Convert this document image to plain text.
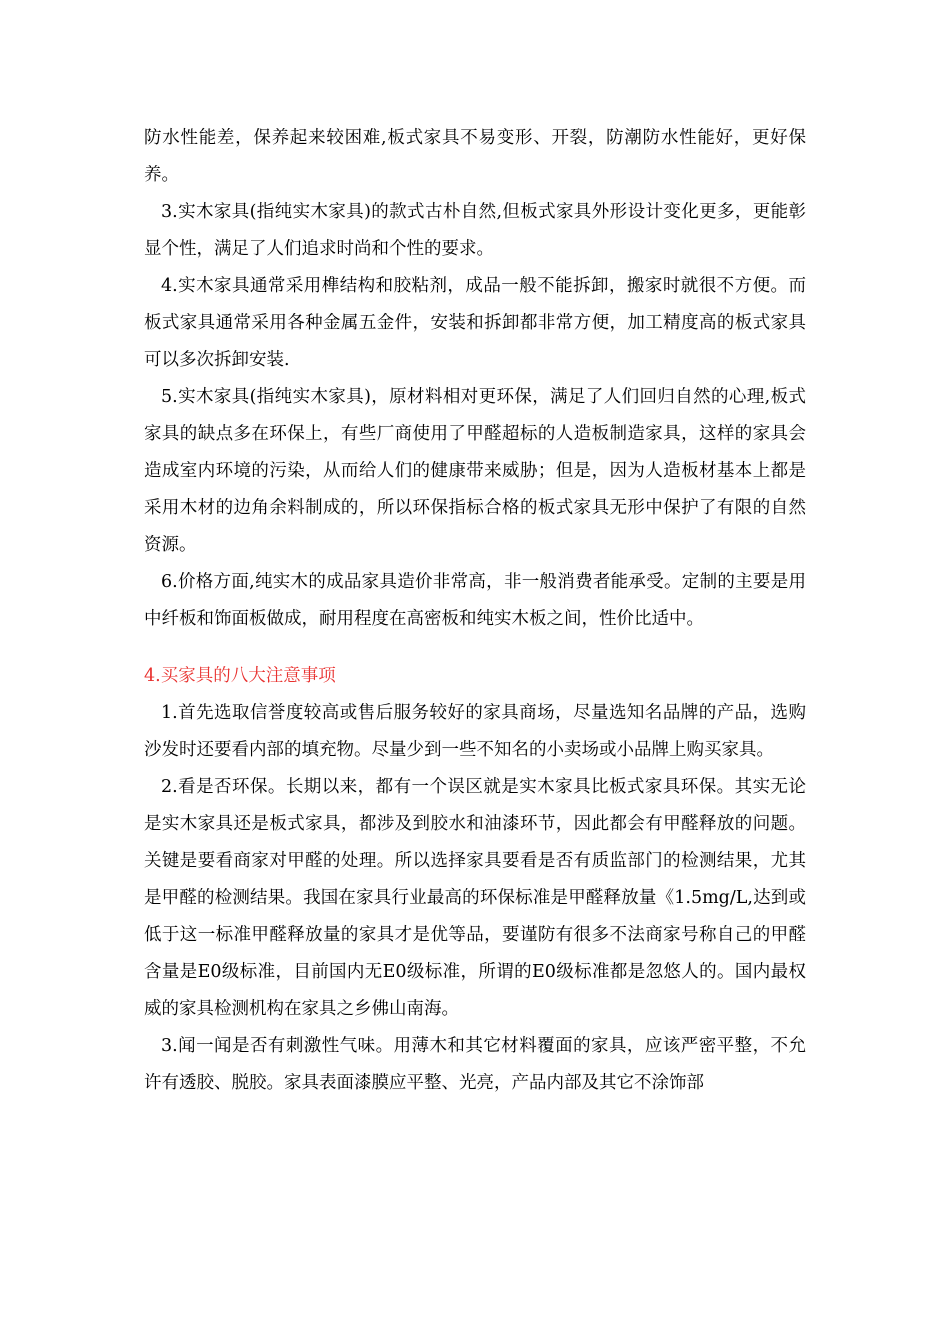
防水性能差，保养起来较困难,板式家具不易变形、开裂，防潮防水性能好，更好保养。

3.实木家具(指纯实木家具)的款式古朴自然,但板式家具外形设计变化更多，更能彰显个性，满足了人们追求时尚和个性的要求。

4.实木家具通常采用榫结构和胶粘剂，成品一般不能拆卸，搬家时就很不方便。而板式家具通常采用各种金属五金件，安装和拆卸都非常方便，加工精度高的板式家具可以多次拆卸安装.

5.实木家具(指纯实木家具)，原材料相对更环保，满足了人们回归自然的心理,板式家具的缺点多在环保上，有些厂商使用了甲醛超标的人造板制造家具，这样的家具会造成室内环境的污染，从而给人们的健康带来威胁；但是，因为人造板材基本上都是采用木材的边角余料制成的，所以环保指标合格的板式家具无形中保护了有限的自然资源。

6.价格方面,纯实木的成品家具造价非常高，非一般消费者能承受。定制的主要是用中纤板和饰面板做成，耐用程度在高密板和纯实木板之间，性价比适中。

4.买家具的八大注意事项

1.首先选取信誉度较高或售后服务较好的家具商场，尽量选知名品牌的产品，选购沙发时还要看内部的填充物。尽量少到一些不知名的小卖场或小品牌上购买家具。

2.看是否环保。长期以来，都有一个误区就是实木家具比板式家具环保。其实无论是实木家具还是板式家具，都涉及到胶水和油漆环节，因此都会有甲醛释放的问题。关键是要看商家对甲醛的处理。所以选择家具要看是否有质监部门的检测结果，尤其是甲醛的检测结果。我国在家具行业最高的环保标准是甲醛释放量《1.5mg/L,达到或低于这一标准甲醛释放量的家具才是优等品，要谨防有很多不法商家号称自己的甲醛含量是E0级标准，目前国内无E0级标准，所谓的E0级标准都是忽悠人的。国内最权威的家具检测机构在家具之乡佛山南海。

3.闻一闻是否有刺激性气味。用薄木和其它材料覆面的家具，应该严密平整，不允许有透胶、脱胶。家具表面漆膜应平整、光亮，产品内部及其它不涂饰部
